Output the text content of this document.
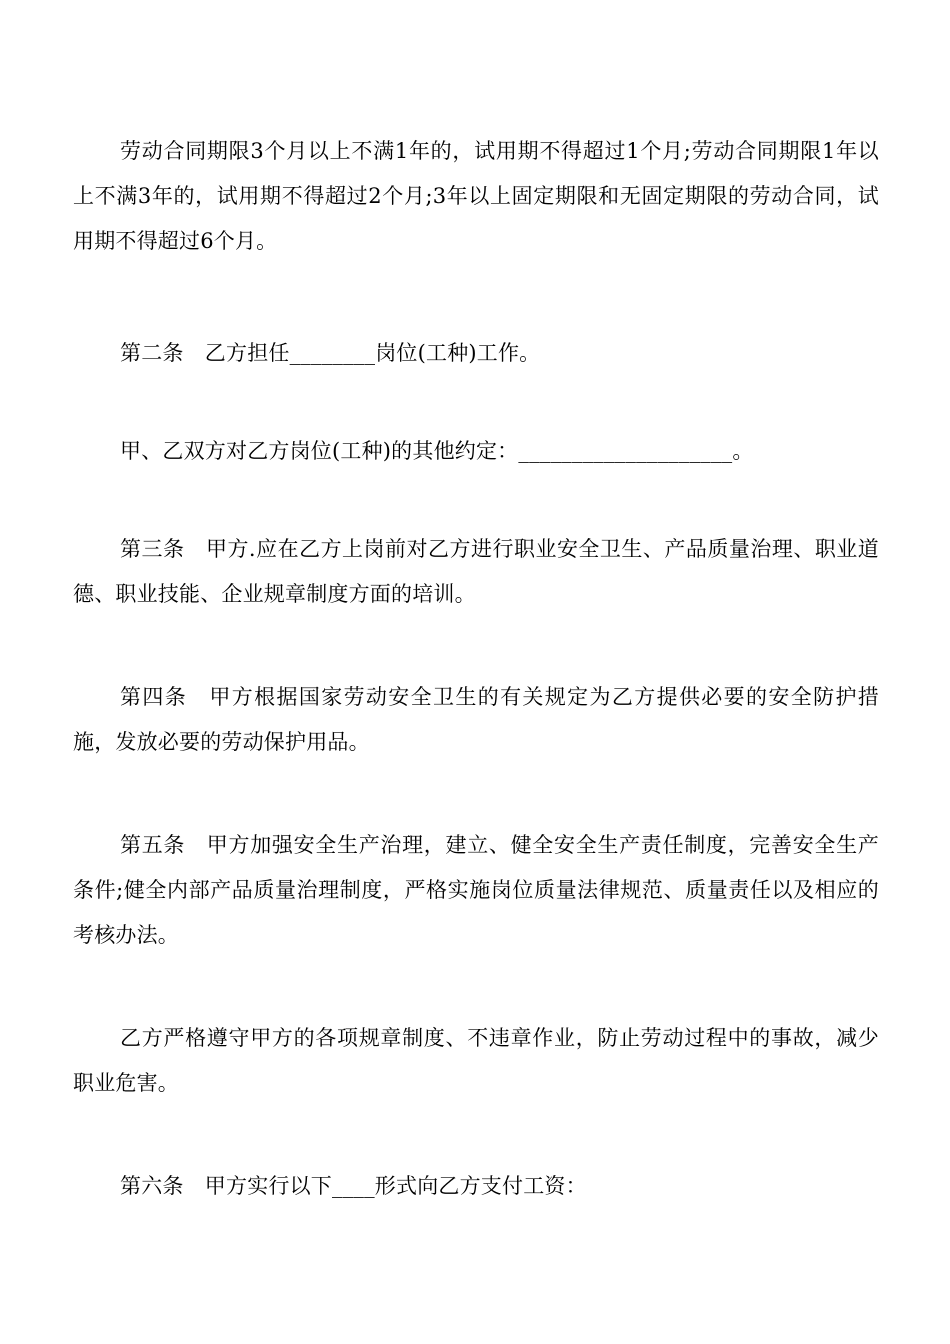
劳动合同期限3个月以上不满1年的，试用期不得超过1个月;劳动合同期限1年以上不满3年的，试用期不得超过2个月;3年以上固定期限和无固定期限的劳动合同，试用期不得超过6个月。

第二条　乙方担任________岗位(工种)工作。

甲、乙双方对乙方岗位(工种)的其他约定：____________________。

第三条　甲方.应在乙方上岗前对乙方进行职业安全卫生、产品质量治理、职业道德、职业技能、企业规章制度方面的培训。

第四条　甲方根据国家劳动安全卫生的有关规定为乙方提供必要的安全防护措施，发放必要的劳动保护用品。

第五条　甲方加强安全生产治理，建立、健全安全生产责任制度，完善安全生产条件;健全内部产品质量治理制度，严格实施岗位质量法律规范、质量责任以及相应的考核办法。

乙方严格遵守甲方的各项规章制度、不违章作业，防止劳动过程中的事故，减少职业危害。

第六条　甲方实行以下____形式向乙方支付工资：
